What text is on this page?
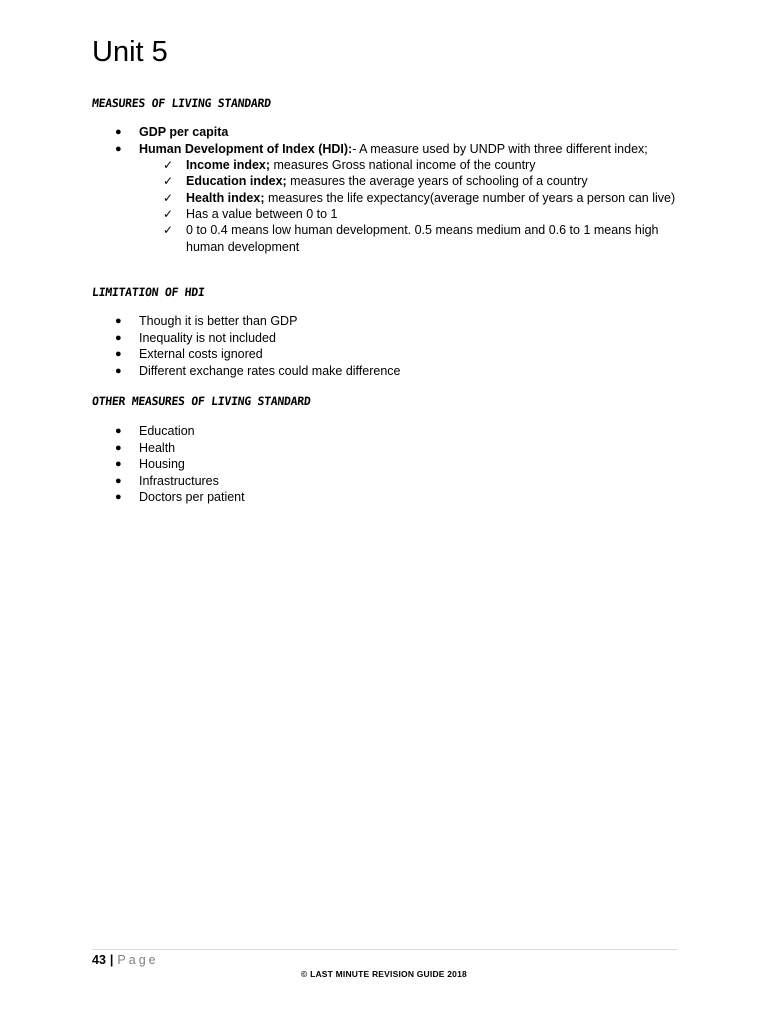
Unit 5
MEASURES OF LIVING STANDARD
● GDP per capita
● Human Development of Index (HDI):- A measure used by UNDP with three different index;
✓ Income index; measures Gross national income of the country
✓ Education index; measures the average years of schooling of a country
✓ Health index; measures the life expectancy(average number of years a person can live)
✓ Has a value between 0 to 1
✓ 0 to 0.4 means low human development. 0.5 means medium and 0.6 to 1 means high human development
LIMITATION OF HDI
● Though it is better than GDP
● Inequality is not included
● External costs ignored
● Different exchange rates could make difference
OTHER MEASURES OF LIVING STANDARD
● Education
● Health
● Housing
● Infrastructures
● Doctors per patient
43 | Page
© LAST MINUTE REVISION GUIDE 2018
